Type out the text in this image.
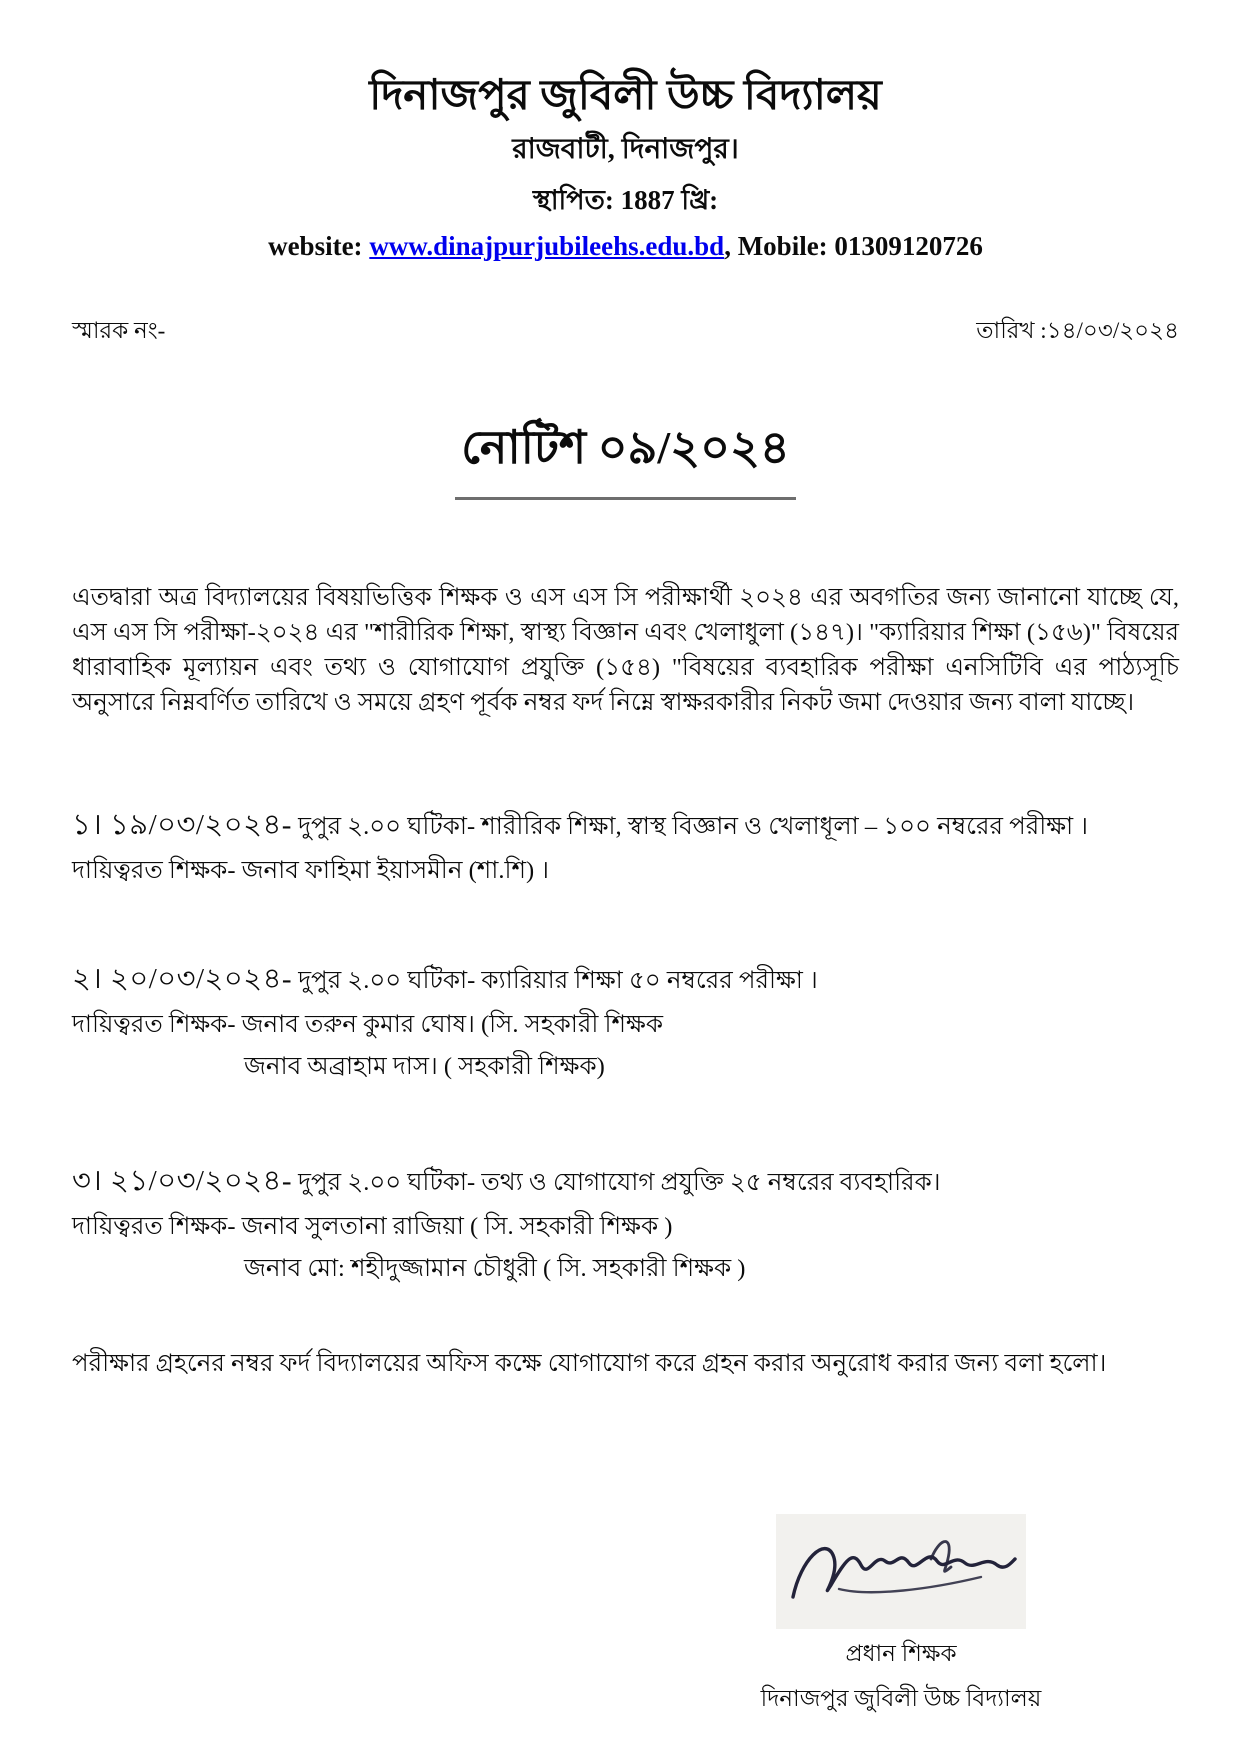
দিনাজপুর জুবিলী উচ্চ বিদ্যালয়
রাজবাটী, দিনাজপুর।
স্থাপিত: 1887 খ্রি:
website: www.dinajpurjubileehs.edu.bd, Mobile: 01309120726
স্মারক নং-	তারিখ :১৪/০৩/২০২৪
নোটিশ ০৯/২০২৪

এতদ্বারা অত্র বিদ্যালয়ের বিষয়ভিত্তিক শিক্ষক ও এস এস সি পরীক্ষার্থী ২০২৪ এর অবগতির জন্য জানানো যাচ্ছে যে, এস এস সি পরীক্ষা-২০২৪ এর "শারীরিক শিক্ষা, স্বাস্থ্য বিজ্ঞান এবং খেলাধুলা (১৪৭)। "ক্যারিয়ার শিক্ষা (১৫৬)" বিষয়ের ধারাবাহিক মূল্যায়ন এবং তথ্য ও যোগাযোগ প্রযুক্তি (১৫৪) "বিষয়ের ব্যবহারিক পরীক্ষা এনসিটিবি এর পাঠ্যসূচি অনুসারে নিম্নবর্ণিত তারিখে ও সময়ে গ্রহণ পূর্বক নম্বর ফর্দ নিম্নে স্বাক্ষরকারীর নিকট জমা দেওয়ার জন্য বালা যাচ্ছে।

১। ১৯/০৩/২০২৪- দুপুর ২.০০ ঘটিকা- শারীরিক শিক্ষা, স্বাস্থ বিজ্ঞান ও খেলাধূলা – ১০০ নম্বরের পরীক্ষা ।
দায়িত্বরত শিক্ষক- জনাব ফাহিমা ইয়াসমীন (শা.শি) ।
২। ২০/০৩/২০২৪- দুপুর ২.০০ ঘটিকা- ক্যারিয়ার শিক্ষা ৫০ নম্বরের পরীক্ষা ।
দায়িত্বরত শিক্ষক- জনাব তরুন কুমার ঘোষ। (সি. সহকারী শিক্ষক
জনাব অব্রাহাম দাস। ( সহকারী শিক্ষক)
৩। ২১/০৩/২০২৪- দুপুর ২.০০ ঘটিকা- তথ্য ও যোগাযোগ প্রযুক্তি ২৫ নম্বরের ব্যবহারিক।
দায়িত্বরত শিক্ষক- জনাব সুলতানা রাজিয়া ( সি. সহকারী শিক্ষক )
জনাব মো: শহীদুজ্জামান চৌধুরী ( সি. সহকারী শিক্ষক )

পরীক্ষার গ্রহনের নম্বর ফর্দ বিদ্যালয়ের অফিস কক্ষে যোগাযোগ করে গ্রহন করার অনুরোধ করার জন্য বলা হলো।

প্রধান শিক্ষক
দিনাজপুর জুবিলী উচ্চ বিদ্যালয়
